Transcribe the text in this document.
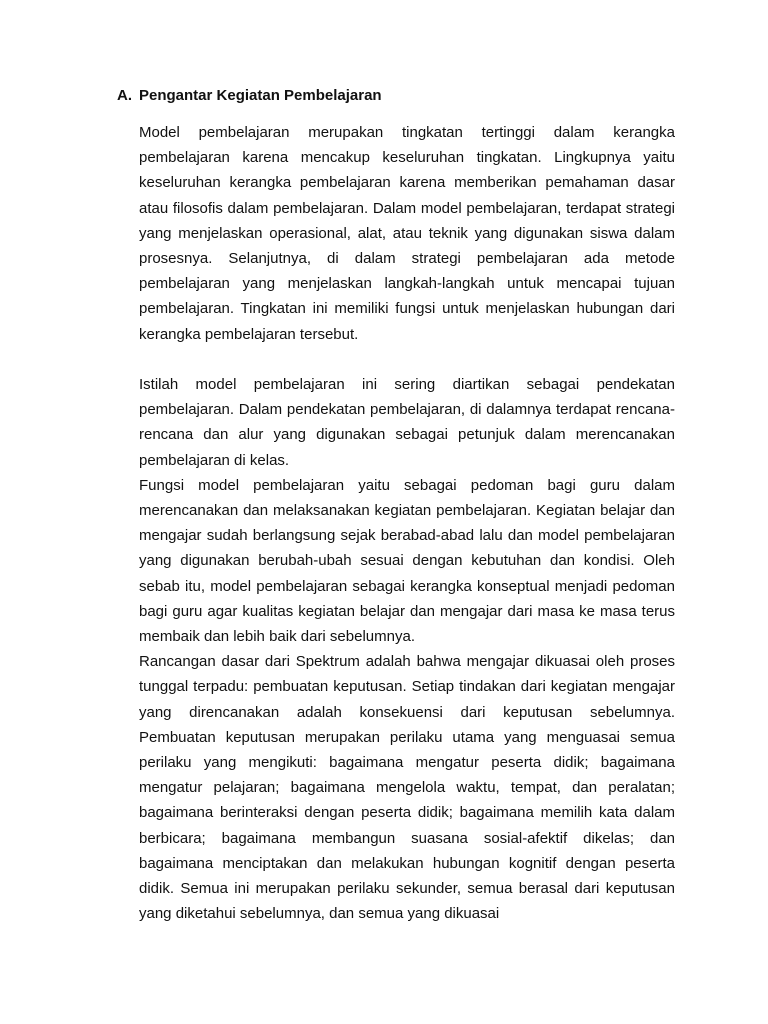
A. Pengantar Kegiatan Pembelajaran

Model pembelajaran merupakan tingkatan tertinggi dalam kerangka pembelajaran karena mencakup keseluruhan tingkatan. Lingkupnya yaitu keseluruhan kerangka pembelajaran karena memberikan pemahaman dasar atau filosofis dalam pembelajaran. Dalam model pembelajaran, terdapat strategi yang menjelaskan operasional, alat, atau teknik yang digunakan siswa dalam prosesnya. Selanjutnya, di dalam strategi pembelajaran ada metode pembelajaran yang menjelaskan langkah-langkah untuk mencapai tujuan pembelajaran. Tingkatan ini memiliki fungsi untuk menjelaskan hubungan dari kerangka pembelajaran tersebut.

Istilah model pembelajaran ini sering diartikan sebagai pendekatan pembelajaran. Dalam pendekatan pembelajaran, di dalamnya terdapat rencana-rencana dan alur yang digunakan sebagai petunjuk dalam merencanakan pembelajaran di kelas.

Fungsi model pembelajaran yaitu sebagai pedoman bagi guru dalam merencanakan dan melaksanakan kegiatan pembelajaran. Kegiatan belajar dan mengajar sudah berlangsung sejak berabad-abad lalu dan model pembelajaran yang digunakan berubah-ubah sesuai dengan kebutuhan dan kondisi. Oleh sebab itu, model pembelajaran sebagai kerangka konseptual menjadi pedoman bagi guru agar kualitas kegiatan belajar dan mengajar dari masa ke masa terus membaik dan lebih baik dari sebelumnya.

Rancangan dasar dari Spektrum adalah bahwa mengajar dikuasai oleh proses tunggal terpadu: pembuatan keputusan. Setiap tindakan dari kegiatan mengajar yang direncanakan adalah konsekuensi dari keputusan sebelumnya. Pembuatan keputusan merupakan perilaku utama yang menguasai semua perilaku yang mengikuti: bagaimana mengatur peserta didik; bagaimana mengatur pelajaran; bagaimana mengelola waktu, tempat, dan peralatan; bagaimana berinteraksi dengan peserta didik; bagaimana memilih kata dalam berbicara; bagaimana membangun suasana sosial-afektif dikelas; dan bagaimana menciptakan dan melakukan hubungan kognitif dengan peserta didik. Semua ini merupakan perilaku sekunder, semua berasal dari keputusan yang diketahui sebelumnya, dan semua yang dikuasai
